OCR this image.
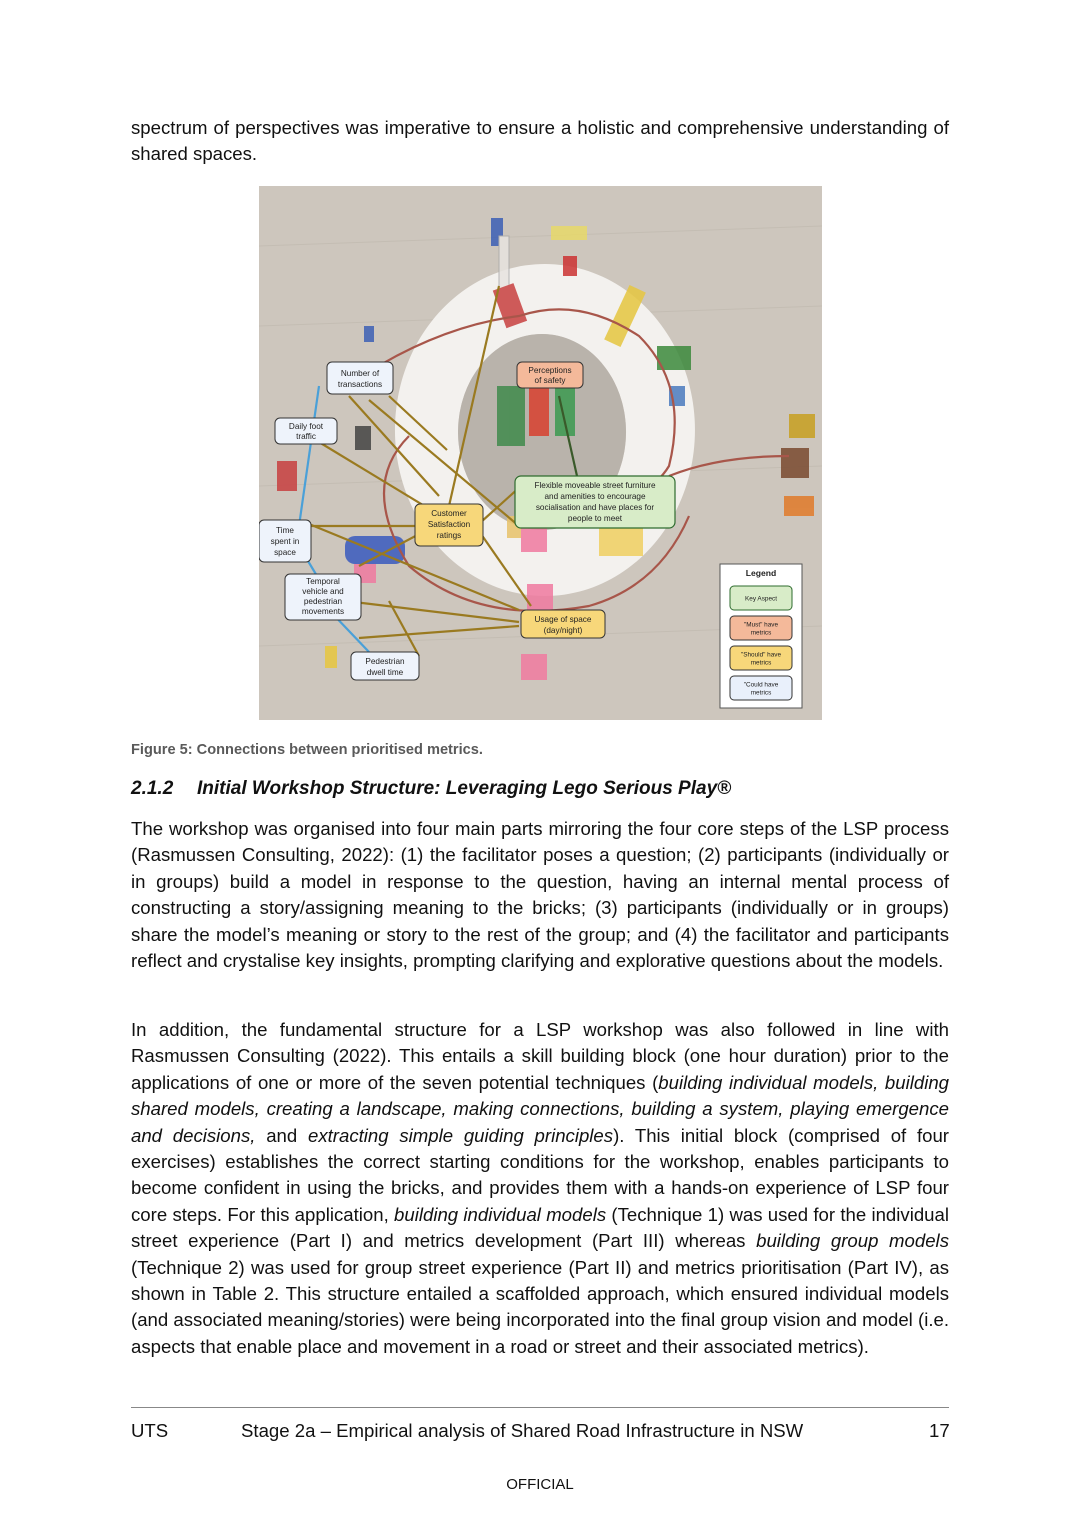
spectrum of perspectives was imperative to ensure a holistic and comprehensive understanding of shared spaces.

Perceptions
of safety
Number of
transactions
Daily foot
traffic
Customer
Satisfaction
ratings
Flexible moveable street furniture
and amenities to encourage
socialisation and have places for
people to meet
Time
spent in
space
Temporal
vehicle and
pedestrian
movements
Usage of space
(day/night)
Pedestrian
dwell time
Legend
Key Aspect
"Must" have
metrics
"Should" have
metrics
"Could have
metrics
Figure 5: Connections between prioritised metrics.
2.1.2 Initial Workshop Structure: Leveraging Lego Serious Play®

The workshop was organised into four main parts mirroring the four core steps of the LSP process (Rasmussen Consulting, 2022): (1) the facilitator poses a question; (2) participants (individually or in groups) build a model in response to the question, having an internal mental process of constructing a story/assigning meaning to the bricks; (3) participants (individually or in groups) share the model’s meaning or story to the rest of the group; and (4) the facilitator and participants reflect and crystalise key insights, prompting clarifying and explorative questions about the models.

In addition, the fundamental structure for a LSP workshop was also followed in line with Rasmussen Consulting (2022). This entails a skill building block (one hour duration) prior to the applications of one or more of the seven potential techniques (building individual models, building shared models, creating a landscape, making connections, building a system, playing emergence and decisions, and extracting simple guiding principles). This initial block (comprised of four exercises) establishes the correct starting conditions for the workshop, enables participants to become confident in using the bricks, and provides them with a hands-on experience of LSP four core steps. For this application, building individual models (Technique 1) was used for the individual street experience (Part I) and metrics development (Part III) whereas building group models (Technique 2) was used for group street experience (Part II) and metrics prioritisation (Part IV), as shown in Table 2. This structure entailed a scaffolded approach, which ensured individual models (and associated meaning/stories) were being incorporated into the final group vision and model (i.e. aspects that enable place and movement in a road or street and their associated metrics).

UTS	Stage 2a – Empirical analysis of Shared Road Infrastructure in NSW	17
OFFICIAL
